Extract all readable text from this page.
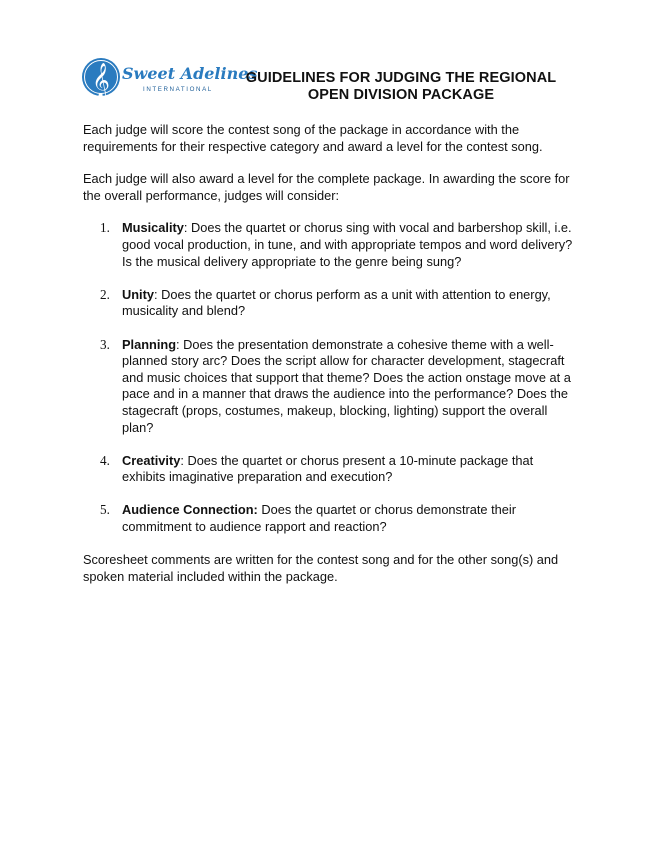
𝄞 Sweet Adelines
INTERNATIONAL
GUIDELINES FOR JUDGING THE REGIONAL
OPEN DIVISION PACKAGE

Each judge will score the contest song of the package in accordance with the requirements for their respective category and award a level for the contest song.

Each judge will also award a level for the complete package. In awarding the score for the overall performance, judges will consider:

1. Musicality: Does the quartet or chorus sing with vocal and barbershop skill, i.e. good vocal production, in tune, and with appropriate tempos and word delivery? Is the musical delivery appropriate to the genre being sung?
2. Unity: Does the quartet or chorus perform as a unit with attention to energy, musicality and blend?
3. Planning: Does the presentation demonstrate a cohesive theme with a well-planned story arc? Does the script allow for character development, stagecraft and music choices that support that theme? Does the action onstage move at a pace and in a manner that draws the audience into the performance? Does the stagecraft (props, costumes, makeup, blocking, lighting) support the overall plan?
4. Creativity: Does the quartet or chorus present a 10-minute package that exhibits imaginative preparation and execution?
5. Audience Connection: Does the quartet or chorus demonstrate their commitment to audience rapport and reaction?

Scoresheet comments are written for the contest song and for the other song(s) and spoken material included within the package.
